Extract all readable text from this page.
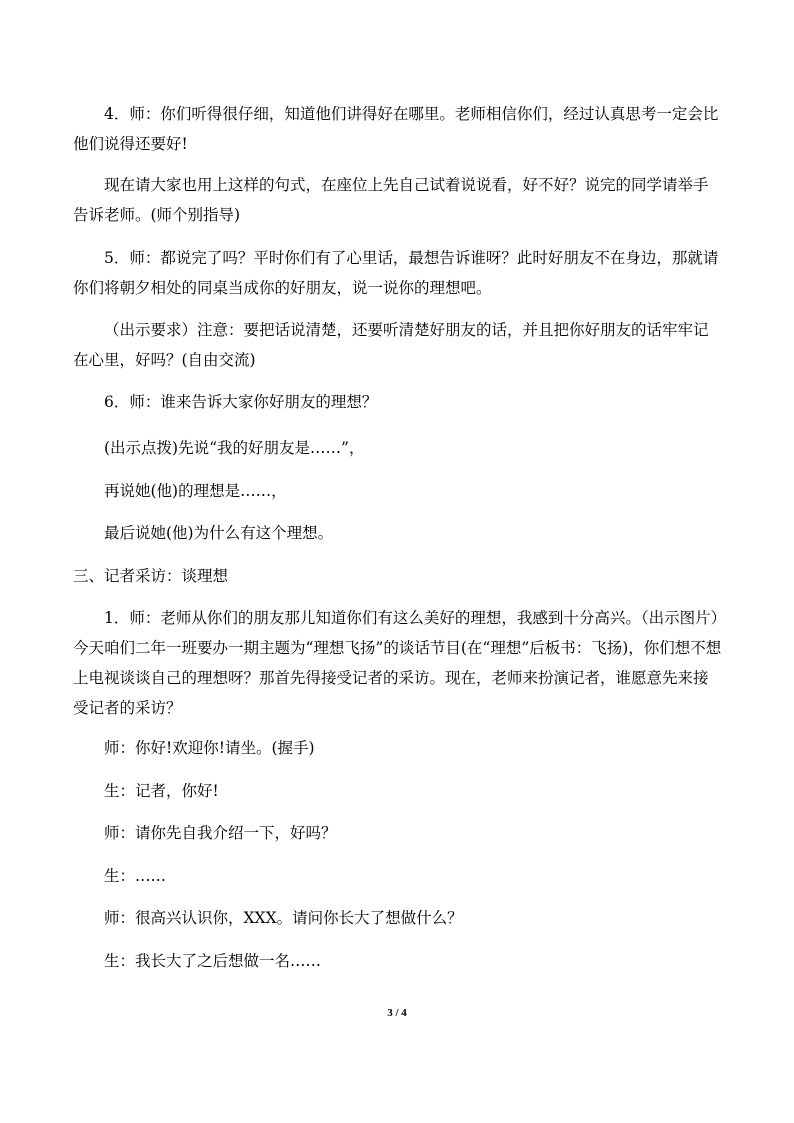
4．师：你们听得很仔细，知道他们讲得好在哪里。老师相信你们，经过认真思考一定会比他们说得还要好!

现在请大家也用上这样的句式，在座位上先自己试着说说看，好不好？说完的同学请举手告诉老师。(师个别指导)

5．师：都说完了吗？平时你们有了心里话，最想告诉谁呀？此时好朋友不在身边，那就请你们将朝夕相处的同桌当成你的好朋友，说一说你的理想吧。

（出示要求）注意：要把话说清楚，还要听清楚好朋友的话，并且把你好朋友的话牢牢记在心里，好吗？(自由交流)

6．师：谁来告诉大家你好朋友的理想？

(出示点拨)先说“我的好朋友是……”，

再说她(他)的理想是……，

最后说她(他)为什么有这个理想。

三、记者采访：谈理想

1．师：老师从你们的朋友那儿知道你们有这么美好的理想，我感到十分高兴。（出示图片）今天咱们二年一班要办一期主题为“理想飞扬”的谈话节目(在“理想”后板书：飞扬)，你们想不想上电视谈谈自己的理想呀？那首先得接受记者的采访。现在，老师来扮演记者，谁愿意先来接受记者的采访？

师：你好!欢迎你!请坐。(握手)

生：记者，你好!

师：请你先自我介绍一下，好吗？

生：……

师：很高兴认识你，XXX。请问你长大了想做什么？

生：我长大了之后想做一名……

3 / 4
